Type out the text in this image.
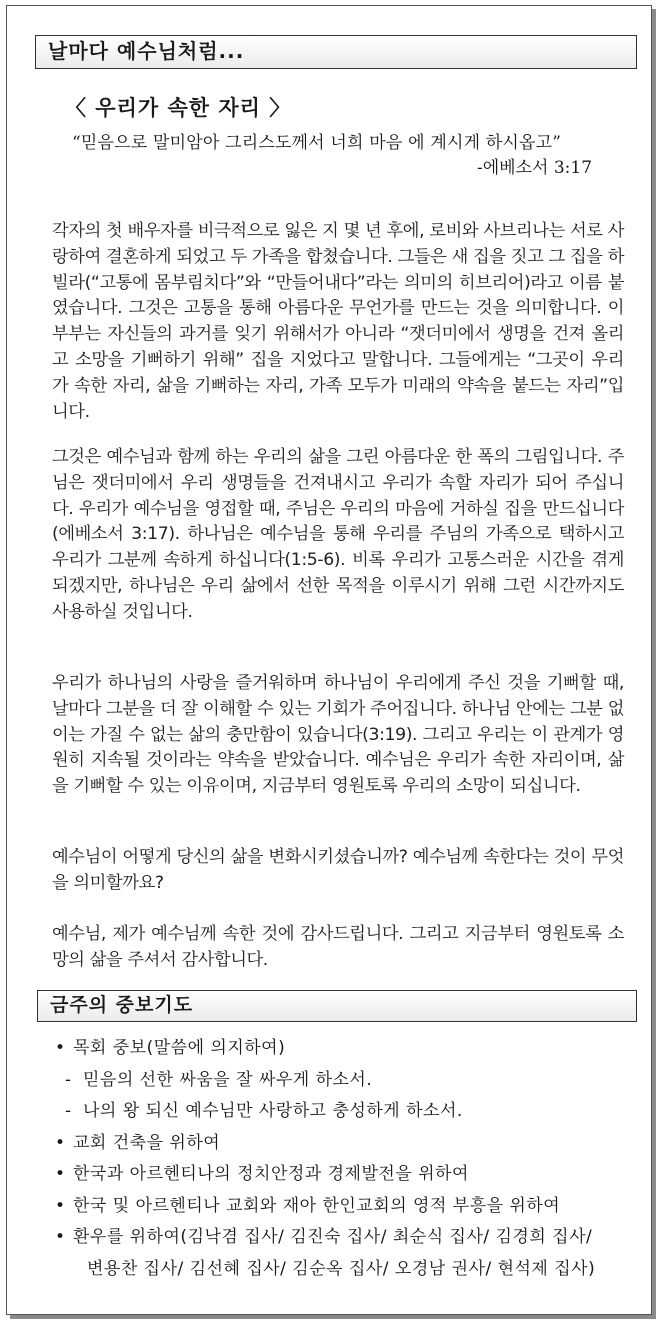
날마다 예수님처럼...
〈 우리가 속한 자리 〉
“믿음으로 말미암아 그리스도께서 너희 마음 에 계시게 하시옵고”
-에베소서 3:17

각자의 첫 배우자를 비극적으로 잃은 지 몇 년 후에, 로비와 사브리나는 서로 사랑하여 결혼하게 되었고 두 가족을 합쳤습니다. 그들은 새 집을 짓고 그 집을 하빌라(“고통에 몸부림치다”와 “만들어내다”라는 의미의 히브리어)라고 이름 붙였습니다. 그것은 고통을 통해 아름다운 무언가를 만드는 것을 의미합니다. 이 부부는 자신들의 과거를 잊기 위해서가 아니라 “잿더미에서 생명을 건져 올리고 소망을 기뻐하기 위해” 집을 지었다고 말합니다. 그들에게는 “그곳이 우리가 속한 자리, 삶을 기뻐하는 자리, 가족 모두가 미래의 약속을 붙드는 자리”입니다.

그것은 예수님과 함께 하는 우리의 삶을 그린 아름다운 한 폭의 그림입니다. 주님은 잿더미에서 우리 생명들을 건져내시고 우리가 속할 자리가 되어 주십니다. 우리가 예수님을 영접할 때, 주님은 우리의 마음에 거하실 집을 만드십니다(에베소서 3:17). 하나님은 예수님을 통해 우리를 주님의 가족으로 택하시고 우리가 그분께 속하게 하십니다(1:5-6). 비록 우리가 고통스러운 시간을 겪게 되겠지만, 하나님은 우리 삶에서 선한 목적을 이루시기 위해 그런 시간까지도 사용하실 것입니다.

우리가 하나님의 사랑을 즐거워하며 하나님이 우리에게 주신 것을 기뻐할 때, 날마다 그분을 더 잘 이해할 수 있는 기회가 주어집니다. 하나님 안에는 그분 없이는 가질 수 없는 삶의 충만함이 있습니다(3:19). 그리고 우리는 이 관계가 영원히 지속될 것이라는 약속을 받았습니다. 예수님은 우리가 속한 자리이며, 삶을 기뻐할 수 있는 이유이며, 지금부터 영원토록 우리의 소망이 되십니다.

예수님이 어떻게 당신의 삶을 변화시키셨습니까? 예수님께 속한다는 것이 무엇을 의미할까요?

예수님, 제가 예수님께 속한 것에 감사드립니다. 그리고 지금부터 영원토록 소망의 삶을 주셔서 감사합니다.

금주의 중보기도
• 목회 중보(말씀에 의지하여)
- 믿음의 선한 싸움을 잘 싸우게 하소서.
- 나의 왕 되신 예수님만 사랑하고 충성하게 하소서.
• 교회 건축을 위하여
• 한국과 아르헨티나의 정치안정과 경제발전을 위하여
• 한국 및 아르헨티나 교회와 재아 한인교회의 영적 부흥을 위하여
• 환우를 위하여(김낙겸 집사/ 김진숙 집사/ 최순식 집사/ 김경희 집사/
변용찬 집사/ 김선혜 집사/ 김순옥 집사/ 오경남 권사/ 현석제 집사)
